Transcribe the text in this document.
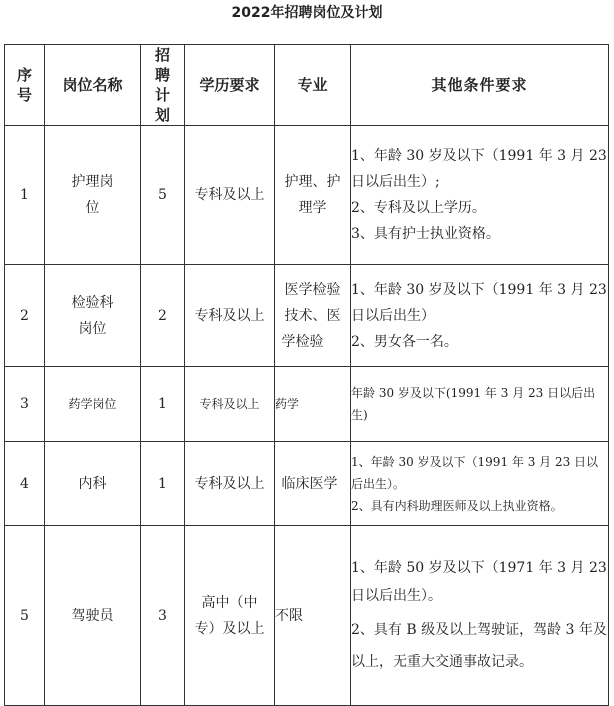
2022年招聘岗位及计划
序号	岗位名称	招聘计划	学历要求	专业	其他条件要求

1	护理岗位	5	专科及以上	护理、护理学	1、年龄 30 岁及以下（1991 年 3 月 23 日以后出生）;
2、专科及以上学历。
3、具有护士执业资格。

2	检验科岗位	2	专科及以上	医学检验技术、医学检验	1、年龄 30 岁及以下（1991 年 3 月 23 日以后出生）
2、男女各一名。

3	药学岗位	1	专科及以上	药学	年龄 30 岁及以下(1991 年 3 月 23 日以后出生)

4	内科	1	专科及以上	临床医学	1、年龄 30 岁及以下（1991 年 3 月 23 日以后出生）。
2、具有内科助理医师及以上执业资格。

5	驾驶员	3	高中（中专）及以上	不限	1、年龄 50 岁及以下（1971 年 3 月 23 日以后出生）。
2、具有 B 级及以上驾驶证，驾龄 3 年及以上，无重大交通事故记录。
